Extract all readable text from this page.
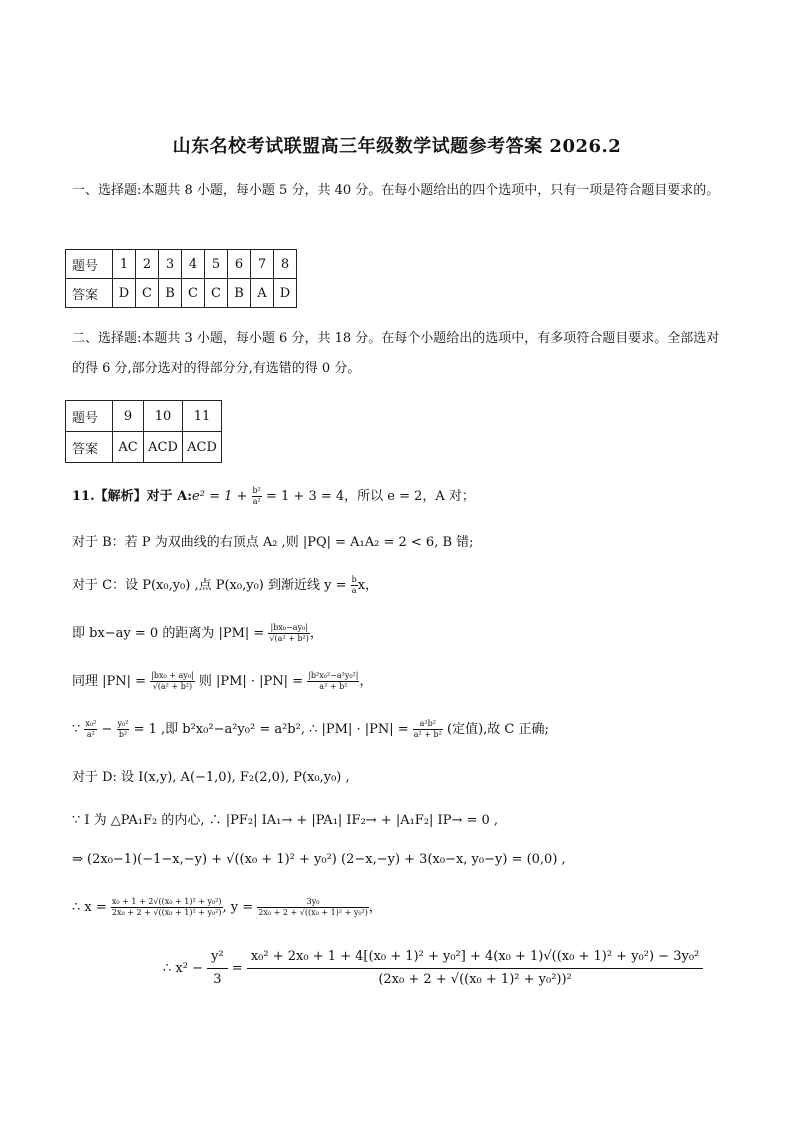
山东名校考试联盟高三年级数学试题参考答案 2026.2
一、选择题:本题共 8 小题，每小题 5 分，共 40 分。在每小题给出的四个选项中，只有一项是符合题目要求的。
题号	1	2	3	4	5	6	7	8
答案	D	C	B	C	C	B	A	D
二、选择题:本题共 3 小题，每小题 6 分，共 18 分。在每个小题给出的选项中，有多项符合题目要求。全部选对的得 6 分,部分选对的得部分分,有选错的得 0 分。
题号	9	10	11
答案	AC	ACD	ACD
11.【解析】对于 A:e² = $1 + \frac{\text{b²}}{\text{a²}} = 1 + 3 = 4$，所以 e = 2，A 对；
对于 B：若 P 为双曲线的右顶点 A₂ ,则 |PQ| = A₁A₂ = 2 < 6, B 错;
对于 C：设 P(x₀,y₀) ,点 P(x₀,y₀) 到渐近线 $y = \frac{b}{a}$ x，
即 bx−ay = 0 的距离为 $|PM| = \frac{\text{|bx₀−ay₀|}}{\text{√(a² + b²)}}$ ，
同理 $|PN| = \frac{\text{|bx₀ + ay₀|}}{\text{√(a² + b²)}}$ 则 $|PM| \cdot |PN| = \frac{\text{|b²x₀²−a²y₀²|}}{\text{a² + b²}}$ ，
∵ $\frac{\text{x₀²}}{\text{a²}} - \frac{\text{y₀²}}{\text{b²}} = 1$ ,即 b²x₀²−a²y₀² = a²b², ∴ $|PM| \cdot |PN| = \frac{\text{a²b²}}{\text{a² + b²}}$ (定值),故 C 正确;
对于 D: 设 I(x,y), A(−1,0), F₂(2,0), P(x₀,y₀) ,
∵ I 为 △PA₁F₂ 的内心, ∴ |PF₂| IA₁→ + |PA₁| IF₂→ + |A₁F₂| IP→ = 0 ,
⇒ (2x₀−1)(−1−x,−y) + √((x₀ + 1)² + y₀²) (2−x,−y) + 3(x₀−x, y₀−y) = (0,0) ,
∴ $x = \frac{\text{x₀ + 1 + 2√((x₀ + 1)² + y₀²)}}{\text{2x₀ + 2 + √((x₀ + 1)² + y₀²)}}$ , $y = \frac{\text{3y₀}}{\text{2x₀ + 2 + √((x₀ + 1)² + y₀²)}}$ ，
∴ $x^2 - \frac{\text{y²}}{3}$ =
x₀² + 2x₀ + 1 + 4[(x₀ + 1)² + y₀²] + 4(x₀ + 1)√((x₀ + 1)² + y₀²) − 3y₀²
(2x₀ + 2 + √((x₀ + 1)² + y₀²))²
